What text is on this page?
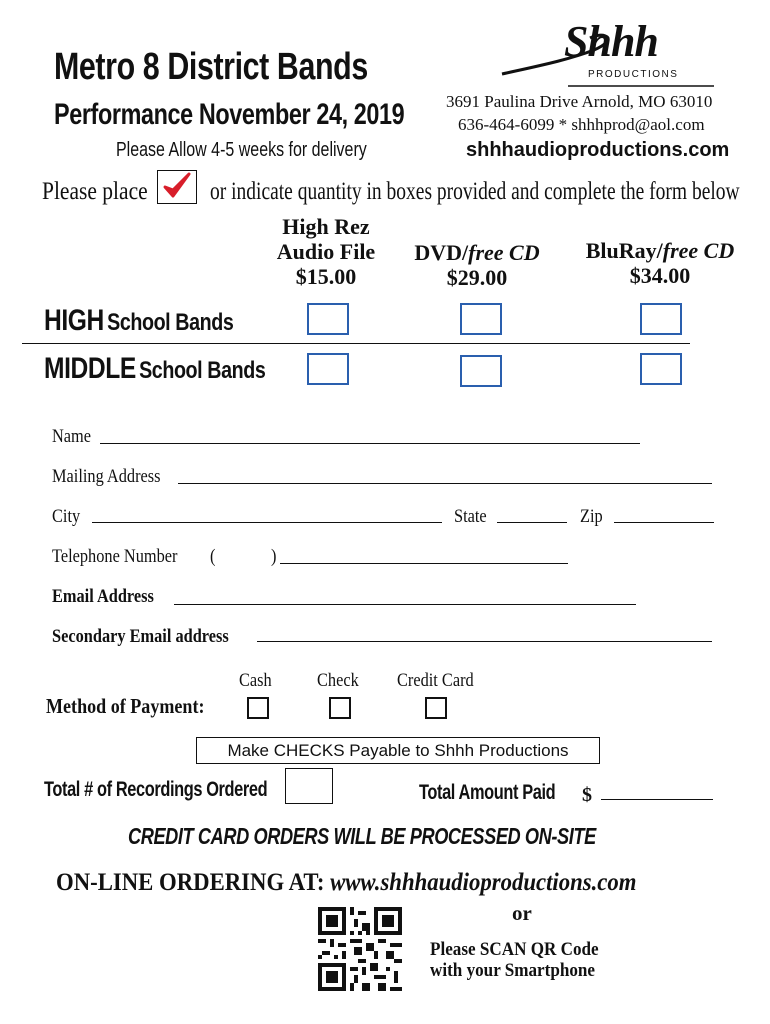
Metro 8 District Bands
Performance November 24, 2019
Please Allow 4-5 weeks for delivery
Shhh
PRODUCTIONS
3691 Paulina Drive Arnold, MO 63010
636-464-6099 * shhhprod@aol.com
shhhaudioproductions.com
Please place or indicate quantity in boxes provided and complete the form below
High Rez
Audio File
$15.00
DVD/free CD
$29.00
BluRay/free CD
$34.00
HIGH School Bands
MIDDLE School Bands
Name
Mailing Address
City	State	Zip
Telephone Number (	)
Email Address
Secondary Email address
Cash Check Credit Card
Method of Payment:
Make CHECKS Payable to Shhh Productions
Total # of Recordings Ordered	Total Amount Paid $
CREDIT CARD ORDERS WILL BE PROCESSED ON-SITE
ON-LINE ORDERING AT: www.shhhaudioproductions.com
or
Please SCAN QR Code
with your Smartphone
